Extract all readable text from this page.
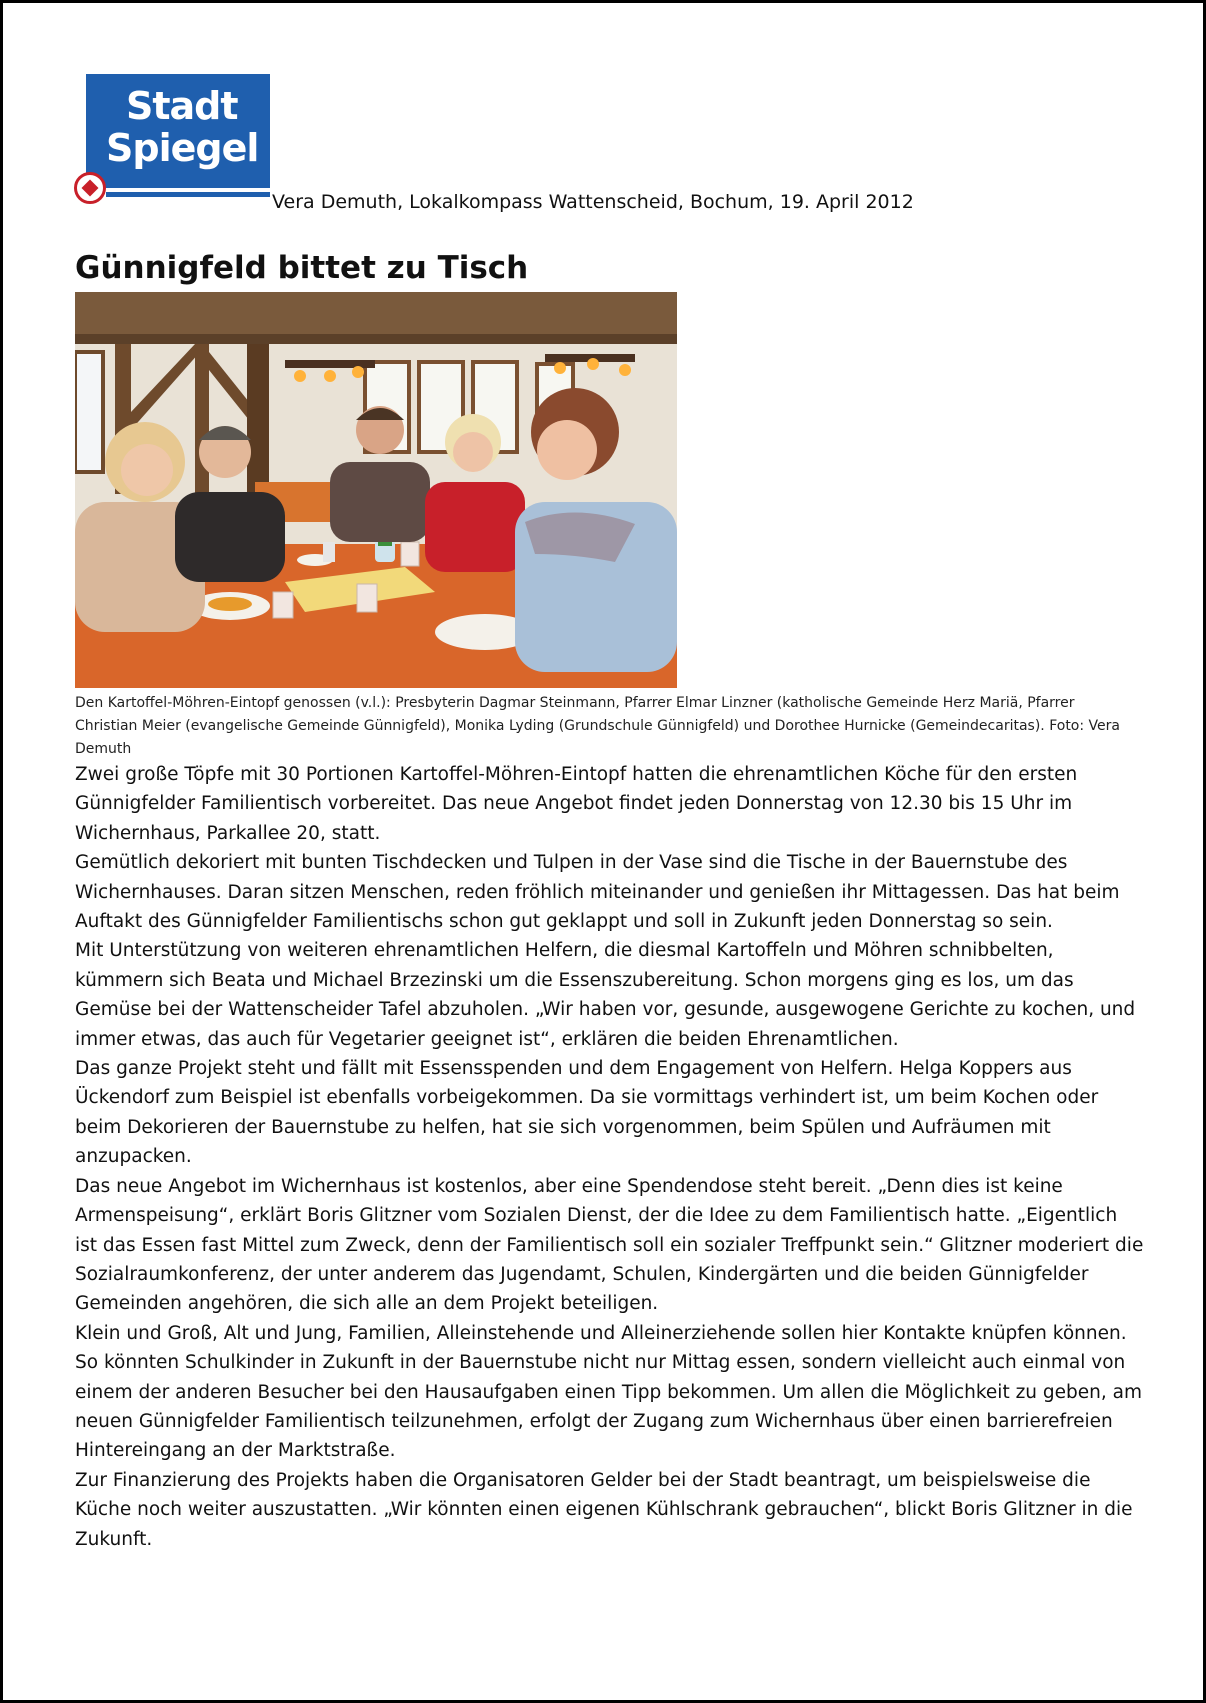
Stadt
Spiegel
Vera Demuth, Lokalkompass Wattenscheid, Bochum, 19. April 2012
Günnigfeld bittet zu Tisch
Den Kartoffel-Möhren-Eintopf genossen (v.l.): Presbyterin Dagmar Steinmann, Pfarrer Elmar Linzner (katholische Gemeinde Herz Mariä, Pfarrer Christian Meier (evangelische Gemeinde Günnigfeld), Monika Lyding (Grundschule Günnigfeld) und Dorothee Hurnicke (Gemeindecaritas). Foto: Vera Demuth

Zwei große Töpfe mit 30 Portionen Kartoffel-Möhren-Eintopf hatten die ehrenamtlichen Köche für den ersten Günnigfelder Familientisch vorbereitet. Das neue Angebot findet jeden Donnerstag von 12.30 bis 15 Uhr im Wichernhaus, Parkallee 20, statt.

Gemütlich dekoriert mit bunten Tischdecken und Tulpen in der Vase sind die Tische in der Bauernstube des Wichernhauses. Daran sitzen Menschen, reden fröhlich miteinander und genießen ihr Mittagessen. Das hat beim Auftakt des Günnigfelder Familientischs schon gut geklappt und soll in Zukunft jeden Donnerstag so sein.

Mit Unterstützung von weiteren ehrenamtlichen Helfern, die diesmal Kartoffeln und Möhren schnibbelten, kümmern sich Beata und Michael Brzezinski um die Essenszubereitung. Schon morgens ging es los, um das Gemüse bei der Wattenscheider Tafel abzuholen. „Wir haben vor, gesunde, ausgewogene Gerichte zu kochen, und immer etwas, das auch für Vegetarier geeignet ist“, erklären die beiden Ehrenamtlichen.

Das ganze Projekt steht und fällt mit Essensspenden und dem Engagement von Helfern. Helga Koppers aus Ückendorf zum Beispiel ist ebenfalls vorbeigekommen. Da sie vormittags verhindert ist, um beim Kochen oder beim Dekorieren der Bauernstube zu helfen, hat sie sich vorgenommen, beim Spülen und Aufräumen mit anzupacken.

Das neue Angebot im Wichernhaus ist kostenlos, aber eine Spendendose steht bereit. „Denn dies ist keine Armenspeisung“, erklärt Boris Glitzner vom Sozialen Dienst, der die Idee zu dem Familientisch hatte. „Eigentlich ist das Essen fast Mittel zum Zweck, denn der Familientisch soll ein sozialer Treffpunkt sein.“ Glitzner moderiert die Sozialraumkonferenz, der unter anderem das Jugendamt, Schulen, Kindergärten und die beiden Günnigfelder Gemeinden angehören, die sich alle an dem Projekt beteiligen.

Klein und Groß, Alt und Jung, Familien, Alleinstehende und Alleinerziehende sollen hier Kontakte knüpfen können. So könnten Schulkinder in Zukunft in der Bauernstube nicht nur Mittag essen, sondern vielleicht auch einmal von einem der anderen Besucher bei den Hausaufgaben einen Tipp bekommen. Um allen die Möglichkeit zu geben, am neuen Günnigfelder Familientisch teilzunehmen, erfolgt der Zugang zum Wichernhaus über einen barrierefreien Hintereingang an der Marktstraße.

Zur Finanzierung des Projekts haben die Organisatoren Gelder bei der Stadt beantragt, um beispielsweise die Küche noch weiter auszustatten. „Wir könnten einen eigenen Kühlschrank gebrauchen“, blickt Boris Glitzner in die Zukunft.
